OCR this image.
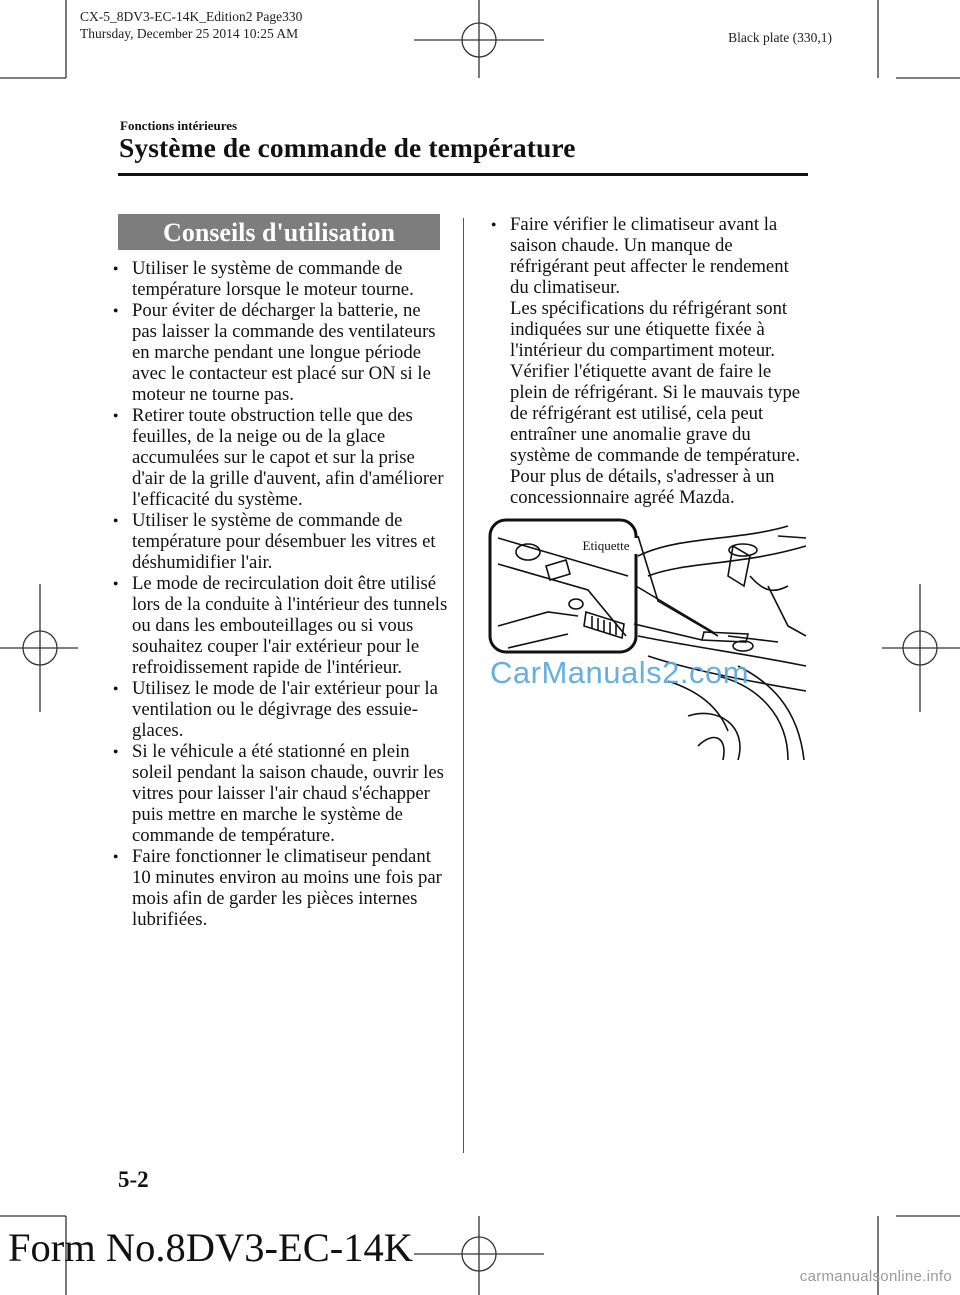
CX-5_8DV3-EC-14K_Edition2 Page330
Thursday, December 25 2014 10:25 AM	Black plate (330,1)
Fonctions intérieures
Système de commande de température
Conseils d'utilisation
● Utiliser le système de commande de température lorsque le moteur tourne.
● Pour éviter de décharger la batterie, ne pas laisser la commande des ventilateurs en marche pendant une longue période avec le contacteur est placé sur ON si le moteur ne tourne pas.
● Retirer toute obstruction telle que des feuilles, de la neige ou de la glace accumulées sur le capot et sur la prise d'air de la grille d'auvent, afin d'améliorer l'efficacité du système.
● Utiliser le système de commande de température pour désembuer les vitres et déshumidifier l'air.
● Le mode de recirculation doit être utilisé lors de la conduite à l'intérieur des tunnels ou dans les embouteillages ou si vous souhaitez couper l'air extérieur pour le refroidissement rapide de l'intérieur.
● Utilisez le mode de l'air extérieur pour la ventilation ou le dégivrage des essuie-glaces.
● Si le véhicule a été stationné en plein soleil pendant la saison chaude, ouvrir les vitres pour laisser l'air chaud s'échapper puis mettre en marche le système de commande de température.
● Faire fonctionner le climatiseur pendant 10 minutes environ au moins une fois par mois afin de garder les pièces internes lubrifiées.
● Faire vérifier le climatiseur avant la saison chaude. Un manque de réfrigérant peut affecter le rendement du climatiseur.
Les spécifications du réfrigérant sont indiquées sur une étiquette fixée à l'intérieur du compartiment moteur. Vérifier l'étiquette avant de faire le plein de réfrigérant. Si le mauvais type de réfrigérant est utilisé, cela peut entraîner une anomalie grave du système de commande de température. Pour plus de détails, s'adresser à un concessionnaire agréé Mazda.
Etiquette
CarManuals2.com
5-2
Form No.8DV3-EC-14K
carmanualsonline.info
